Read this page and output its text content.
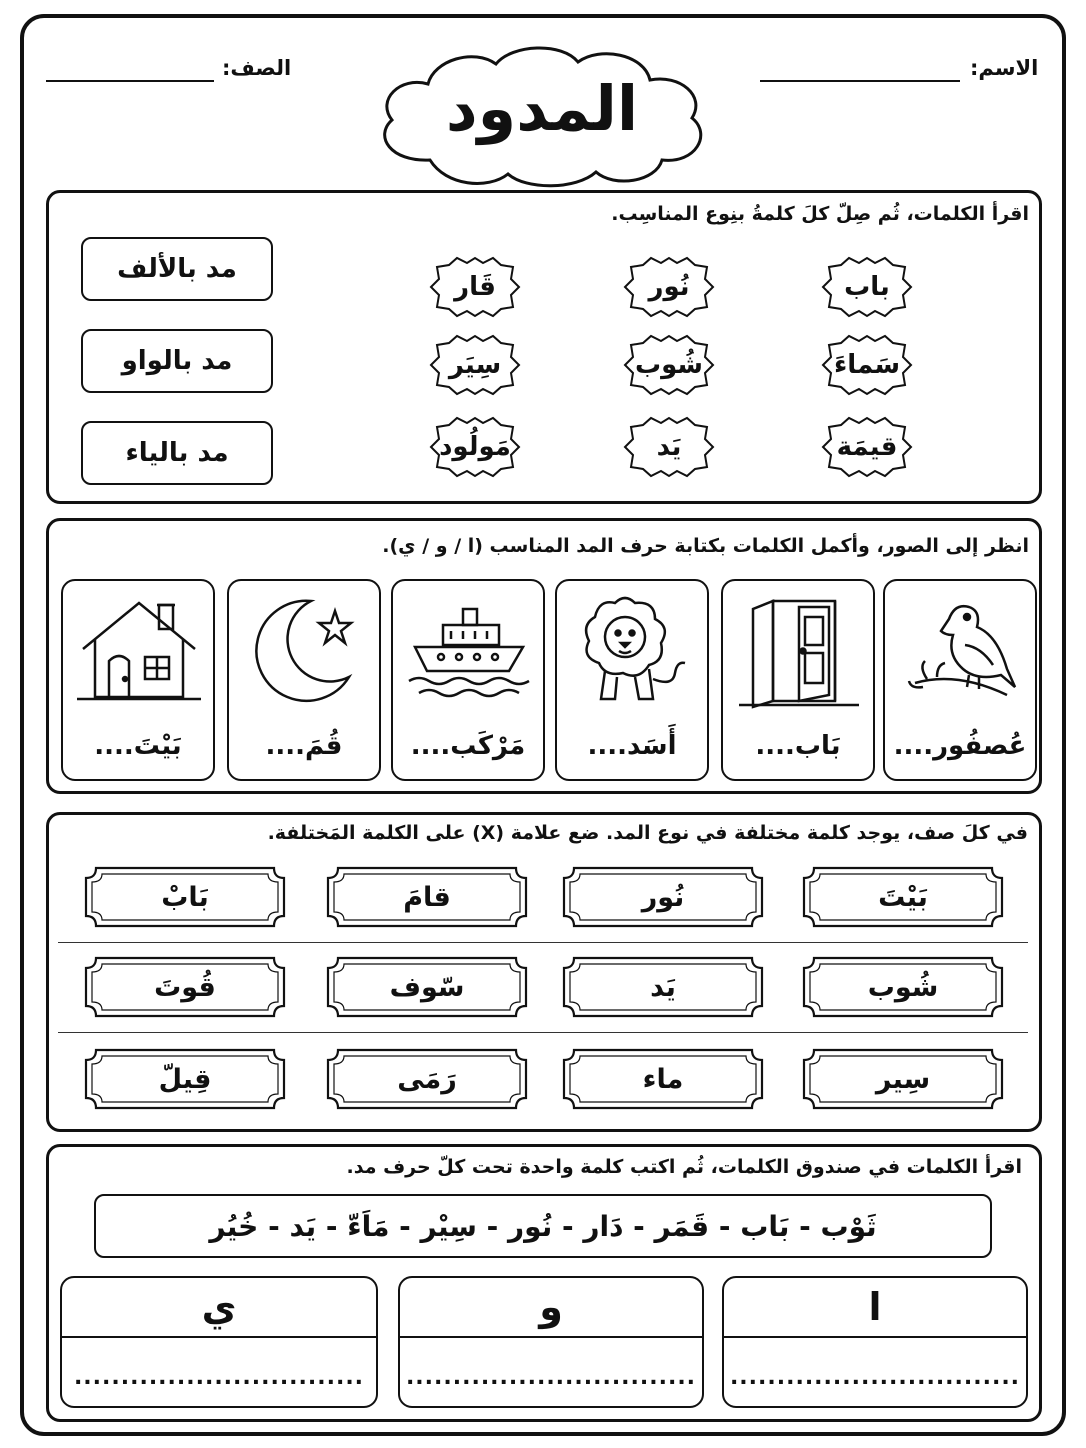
الاسم:
الصف:
المدود
اقرأ الكلمات، ثُم صِلّ كلَ كلمةُ بنِوع المناسِب.
باب
نُور
قَار
سَماءَ
شُوب
سِيَر
قيمَة
يَد
مَولُود
مد بالألف
مد بالواو
مد بالياء
انظر إلى الصور، وأكمل الكلمات بكتابة حرف المد المناسب (ا / و / ي).
عُصفُور....
بَاب....
أَسَد....
مَرْكَب....
قُمَ....
بَيْتَ....
في كلَ صف، يوجد كلمة مختلفة في نوع المد. ضع علامة (X) على الكلمة المَختلفة.
بَيْتَ
نُور
قامَ
بَابْ
شُوب
يَد
سّوف
قُوتَ
سِير
ماء
رَمَى
قِيلّ
اقرأ الكلمات في صندوق الكلمات، ثُم اكتب كلمة واحدة تحت كلّ حرف مد.
ثَوْب - بَاب - قَمَر - دَار - نُور - سِيْر - مَاَءّ - يَد - خُيُر
ا
...............................
و
...............................
ي
...............................
